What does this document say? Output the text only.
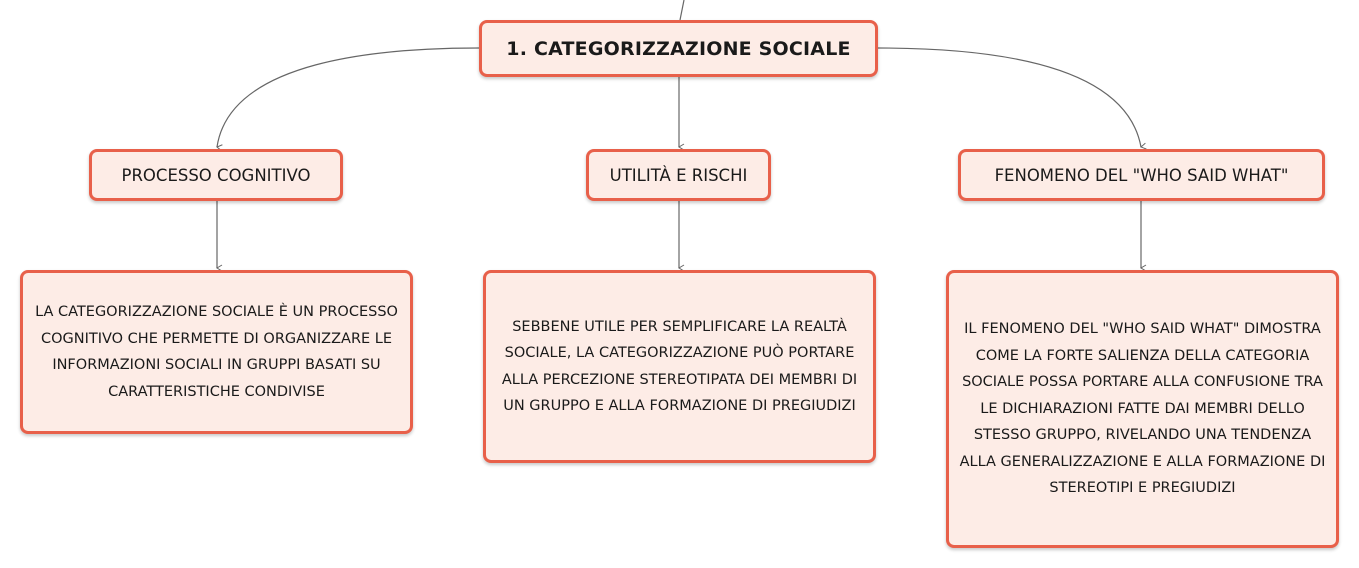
1. CATEGORIZZAZIONE SOCIALE
PROCESSO COGNITIVO	UTILITÀ E RISCHI	FENOMENO DEL "WHO SAID WHAT"
LA CATEGORIZZAZIONE SOCIALE È UN PROCESSO COGNITIVO CHE PERMETTE DI ORGANIZZARE LE INFORMAZIONI SOCIALI IN GRUPPI BASATI SU CARATTERISTICHE CONDIVISE
SEBBENE UTILE PER SEMPLIFICARE LA REALTÀ SOCIALE, LA CATEGORIZZAZIONE PUÒ PORTARE ALLA PERCEZIONE STEREOTIPATA DEI MEMBRI DI UN GRUPPO E ALLA FORMAZIONE DI PREGIUDIZI
IL FENOMENO DEL "WHO SAID WHAT" DIMOSTRA COME LA FORTE SALIENZA DELLA CATEGORIA SOCIALE POSSA PORTARE ALLA CONFUSIONE TRA LE DICHIARAZIONI FATTE DAI MEMBRI DELLO STESSO GRUPPO, RIVELANDO UNA TENDENZA ALLA GENERALIZZAZIONE E ALLA FORMAZIONE DI STEREOTIPI E PREGIUDIZI
